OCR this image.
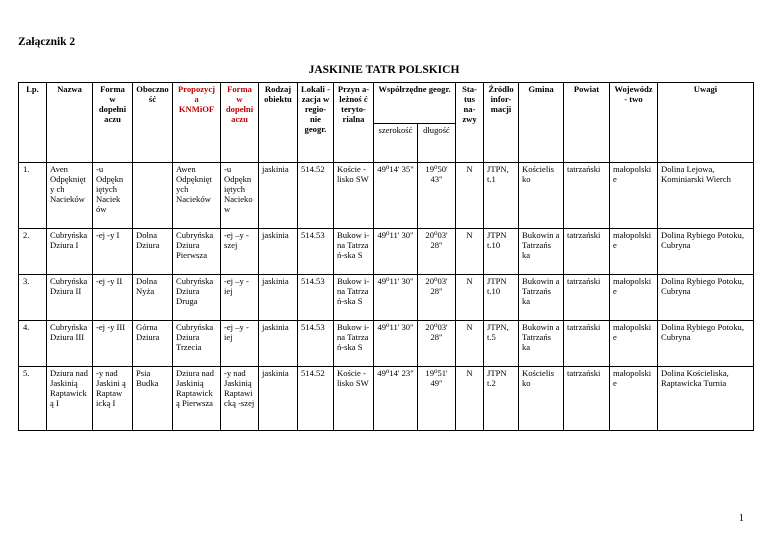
Załącznik 2
JASKINIE TATR POLSKICH
Lp.	Nazwa	Forma w dopełni aczu	Oboczno ść	Propozycj a KNMiOF	Forma w dopełni aczu	Rodzaj obiektu	Lokali - zacja w regio- nie geogr.	Przyn a- leżnoś ć teryto- rialna	Współrzędne geogr.		Sta- tus na- zwy	Źródło infor- macji	Gmina	Powiat	Wojewódz- two	Uwagi
									szerokość	długość						
1.	Aven Odpęknięty ch Nacieków	-u Odpękn iętych Naciek ów		Awen Odpęknięt ych Nacieków	-u Odpękn iętych Nacieko w	jaskinia	514.52	Koście -lisko SW	49⁰14' 35"	19⁰50' 43"	N	JTPN, t.1	Kościelis ko	tatrzański	małopolski e	Dolina Lejowa, Kominiarski Wierch
2.	Cubryńska Dziura I	-ej -y I	Dolna Dziura	Cubryńska Dziura Pierwsza	-ej –y -szej	jaskinia	514.53	Bukow i-na Tatrza ń-ska S	49⁰11' 30"	20⁰03' 28"	N	JTPN t.10	Bukowin a Tatrzańs ka	tatrzański	małopolski e	Dolina Rybiego Potoku, Cubryna
3.	Cubryńska Dziura II	-ej -y II	Dolna Nyża	Cubryńska Dziura Druga	-ej –y -iej	jaskinia	514.53	Bukow i-na Tatrza ń-ska S	49⁰11' 30"	20⁰03' 28"	N	JTPN t.10	Bukowin a Tatrzańs ka	tatrzański	małopolski e	Dolina Rybiego Potoku, Cubryna
4.	Cubryńska Dziura III	-ej -y III	Górna Dziura	Cubryńska Dziura Trzecia	-ej –y -iej	jaskinia	514.53	Bukow i-na Tatrza ń-ska S	49⁰11' 30"	20⁰03' 28"	N	JTPN, t.5	Bukowin a Tatrzańs ka	tatrzański	małopolski e	Dolina Rybiego Potoku, Cubryna
5.	Dziura nad Jaskinią Raptawicką I	-y nad Jaskini ą Raptaw icką I	Psia Budka	Dziura nad Jaskinią Raptawick ą Pierwsza	-y nad Jaskinią Raptawi cką -szej	jaskinia	514.52	Koście -lisko SW	49⁰14' 23"	19⁰51' 49"	N	JTPN t.2	Kościelis ko	tatrzański	małopolski e	Dolina Kościeliska, Raptawicka Turnia
1
